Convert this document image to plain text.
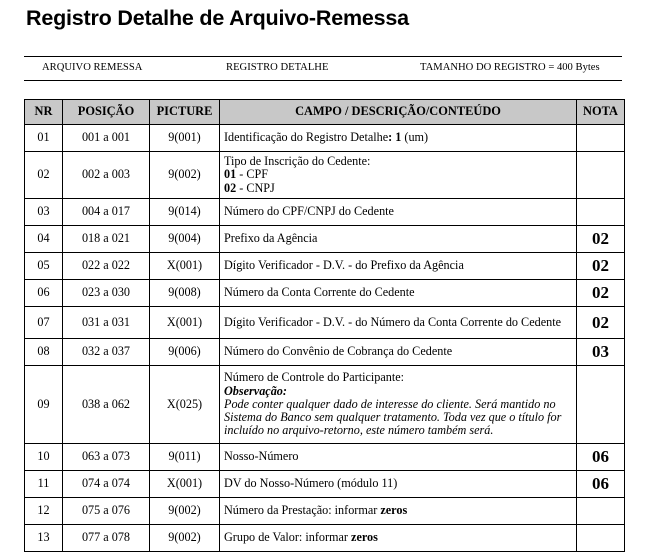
Registro Detalhe de Arquivo-Remessa
ARQUIVO REMESSA	REGISTRO DETALHE	TAMANHO DO REGISTRO = 400 Bytes
NR	POSIÇÃO	PICTURE	CAMPO / DESCRIÇÃO/CONTEÚDO	NOTA
01	001 a 001	9(001)	Identificação do Registro Detalhe: 1 (um)	
02	002 a 003	9(002)	Tipo de Inscrição do Cedente:
01 - CPF
02 - CNPJ	

03	004 a 017	9(014)	Número do CPF/CNPJ do Cedente	
04	018 a 021	9(004)	Prefixo da Agência	02
05	022 a 022	X(001)	Dígito Verificador - D.V. - do Prefixo da Agência	02
06	023 a 030	9(008)	Número da Conta Corrente do Cedente	02
07	031 a 031	X(001)	Dígito Verificador - D.V. - do Número da Conta Corrente do Cedente	02
08	032 a 037	9(006)	Número do Convênio de Cobrança do Cedente	03
09	038 a 062	X(025)	Número de Controle do Participante:
Observação:
Pode conter qualquer dado de interesse do cliente. Será mantido no Sistema do Banco sem qualquer tratamento. Toda vez que o título for incluído no arquivo-retorno, este número também será.	

10	063 a 073	9(011)	Nosso-Número	06
11	074 a 074	X(001)	DV do Nosso-Número (módulo 11)	06
12	075 a 076	9(002)	Número da Prestação: informar zeros	
13	077 a 078	9(002)	Grupo de Valor: informar zeros	
